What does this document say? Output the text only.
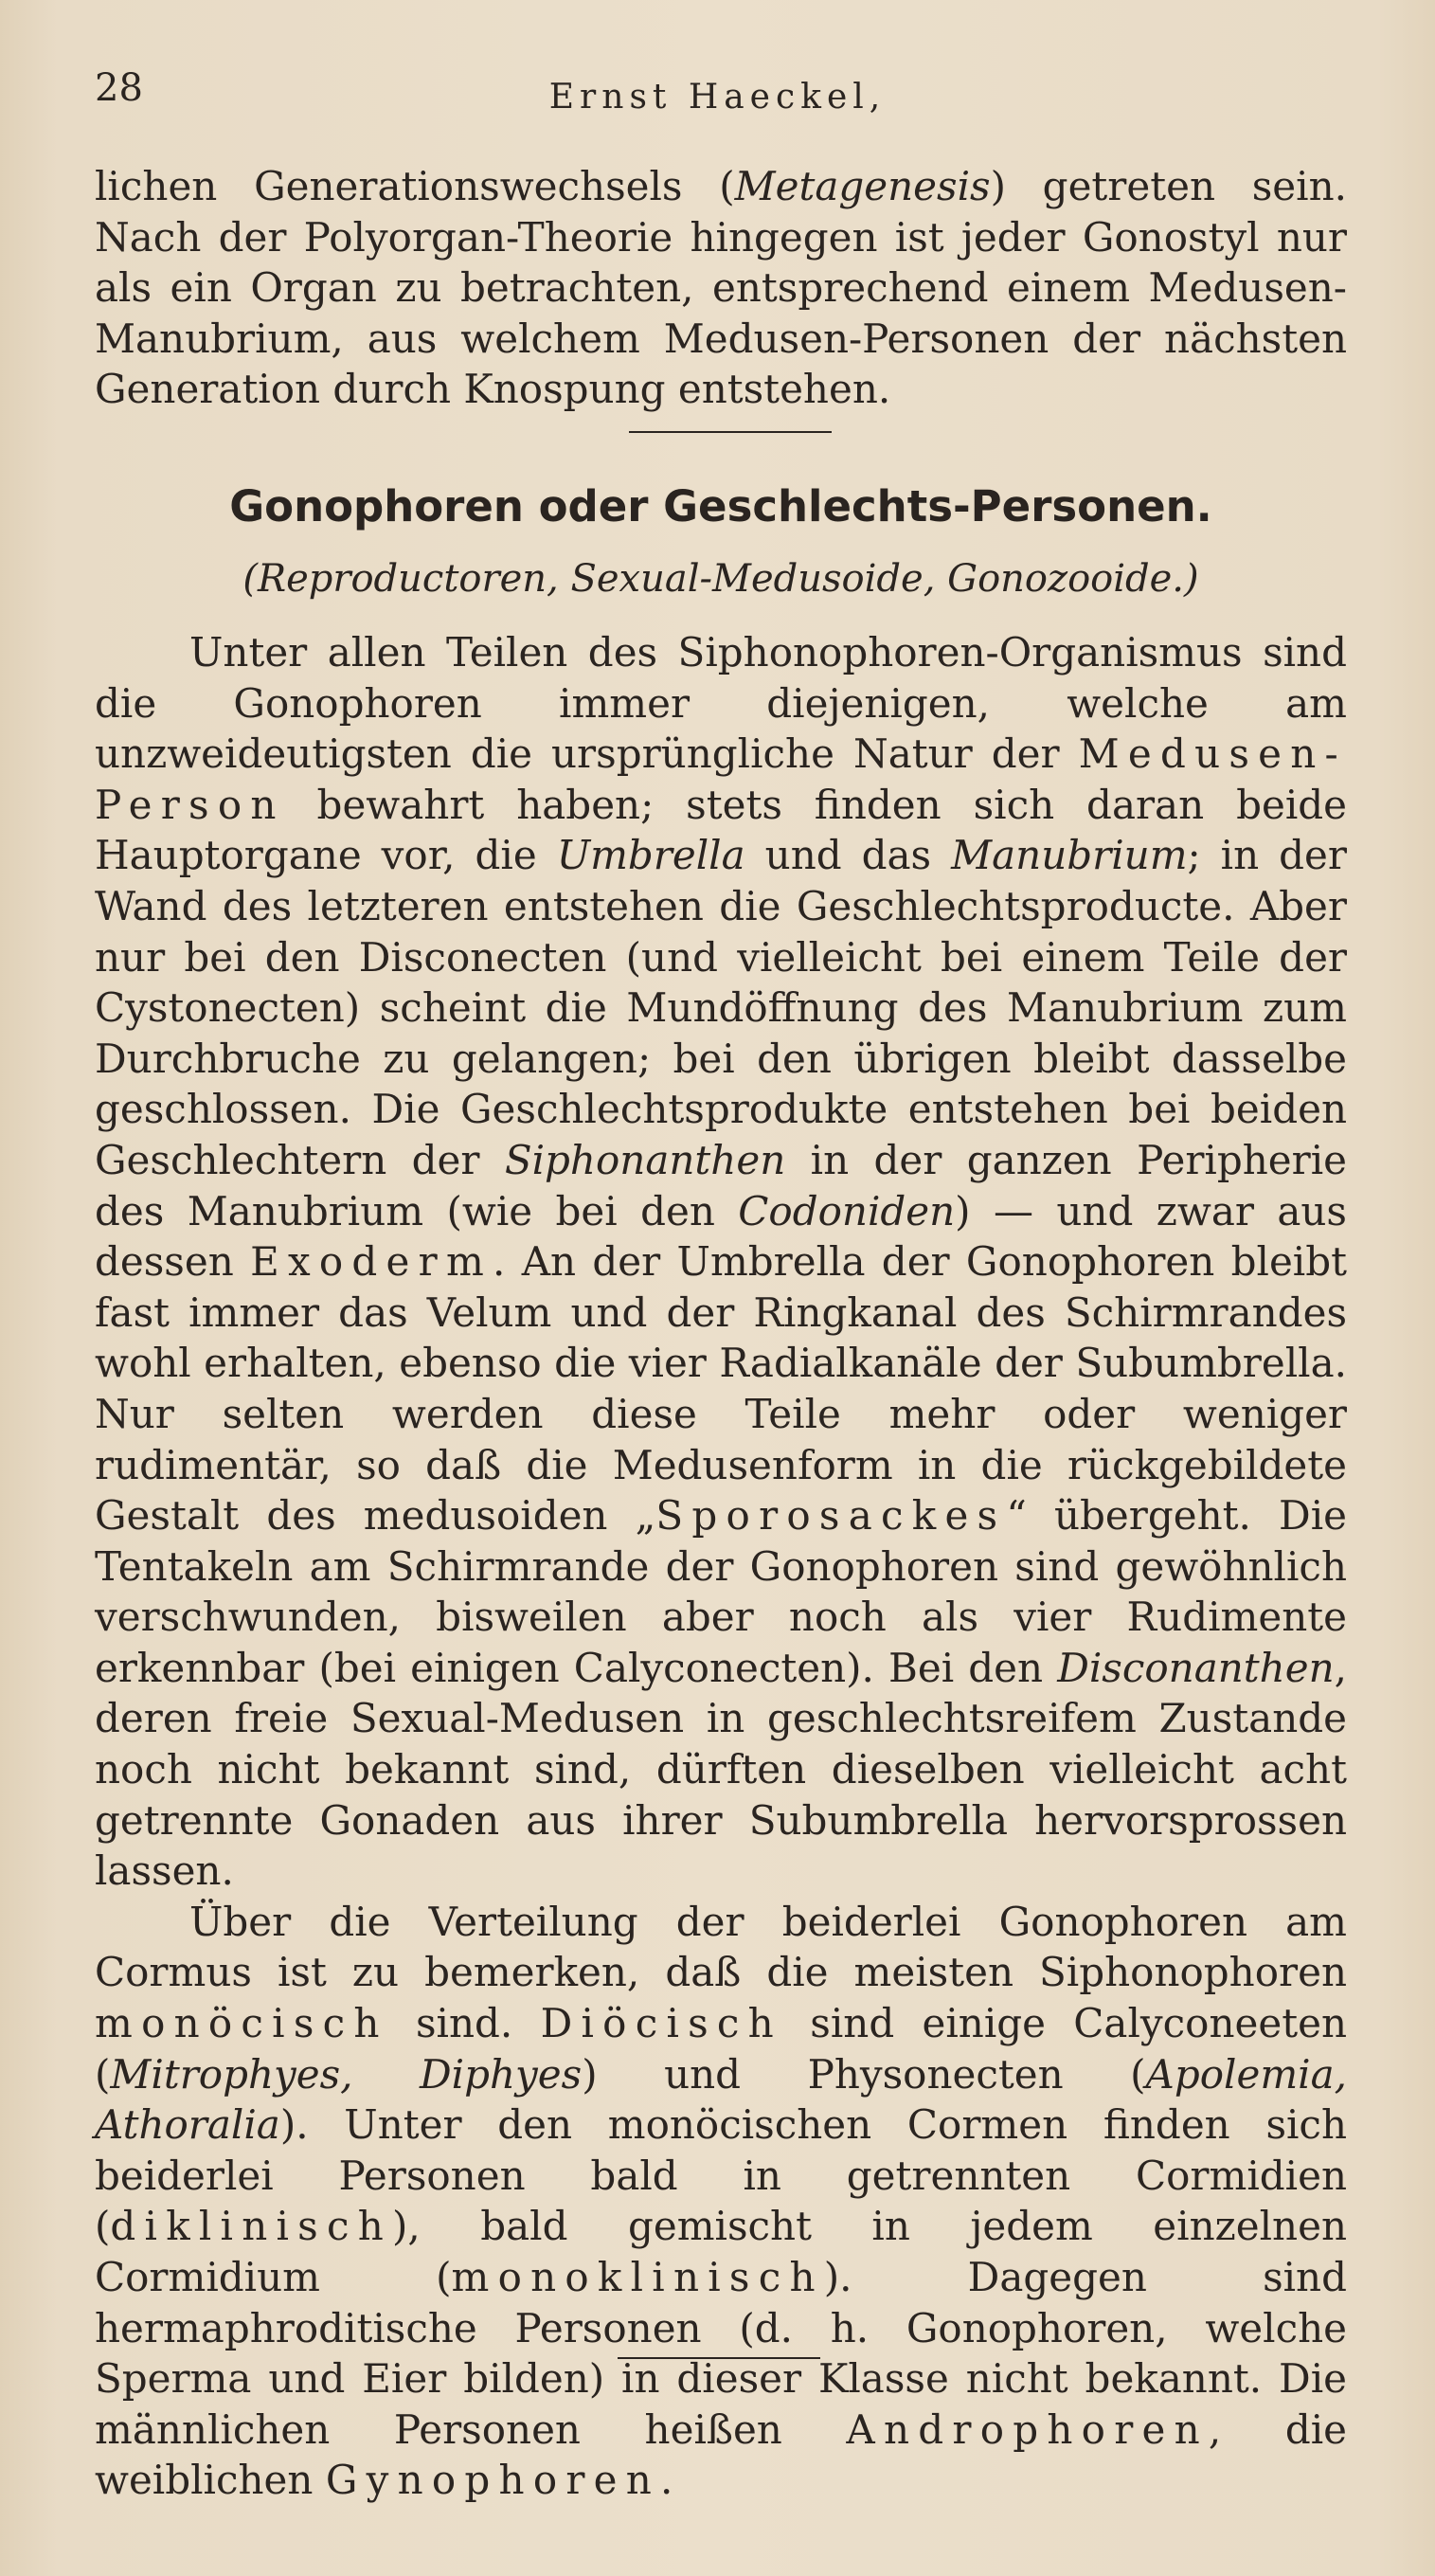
28	Ernst Haeckel,

lichen Generationswechsels (Metagenesis) getreten sein. Nach der Polyorgan-Theorie hingegen ist jeder Gonostyl nur als ein Organ zu betrachten, entsprechend einem Medusen-Manubrium, aus welchem Medusen-Personen der nächsten Generation durch Knospung entstehen.

Gonophoren oder Geschlechts-Personen.
(Reproductoren, Sexual-Medusoide, Gonozooide.)

Unter allen Teilen des Siphonophoren-Organismus sind die Gonophoren immer diejenigen, welche am unzweideutigsten die ursprüngliche Natur der Medusen-Person bewahrt haben; stets finden sich daran beide Hauptorgane vor, die Umbrella und das Manubrium; in der Wand des letzteren entstehen die Geschlechtsproducte. Aber nur bei den Disconecten (und vielleicht bei einem Teile der Cystonecten) scheint die Mundöffnung des Manubrium zum Durchbruche zu gelangen; bei den übrigen bleibt dasselbe geschlossen. Die Geschlechtsprodukte entstehen bei beiden Geschlechtern der Siphonanthen in der ganzen Peripherie des Manubrium (wie bei den Codoniden) — und zwar aus dessen Exoderm. An der Umbrella der Gonophoren bleibt fast immer das Velum und der Ringkanal des Schirmrandes wohl erhalten, ebenso die vier Radialkanäle der Subumbrella. Nur selten werden diese Teile mehr oder weniger rudimentär, so daß die Medusenform in die rückgebildete Gestalt des medusoiden „Sporosackes“ übergeht. Die Tentakeln am Schirmrande der Gonophoren sind gewöhnlich verschwunden, bisweilen aber noch als vier Rudimente erkennbar (bei einigen Calyconecten). Bei den Disconanthen, deren freie Sexual-Medusen in geschlechtsreifem Zustande noch nicht bekannt sind, dürften dieselben vielleicht acht getrennte Gonaden aus ihrer Subumbrella hervorsprossen lassen.

Über die Verteilung der beiderlei Gonophoren am Cormus ist zu bemerken, daß die meisten Siphonophoren monöcisch sind. Diöcisch sind einige Calyconeeten (Mitrophyes, Diphyes) und Physonecten (Apolemia, Athoralia). Unter den monöcischen Cormen finden sich beiderlei Personen bald in getrennten Cormidien (diklinisch), bald gemischt in jedem einzelnen Cormidium (monoklinisch). Dagegen sind hermaphroditische Personen (d. h. Gonophoren, welche Sperma und Eier bilden) in dieser Klasse nicht bekannt. Die männlichen Personen heißen Androphoren, die weiblichen Gynophoren.
